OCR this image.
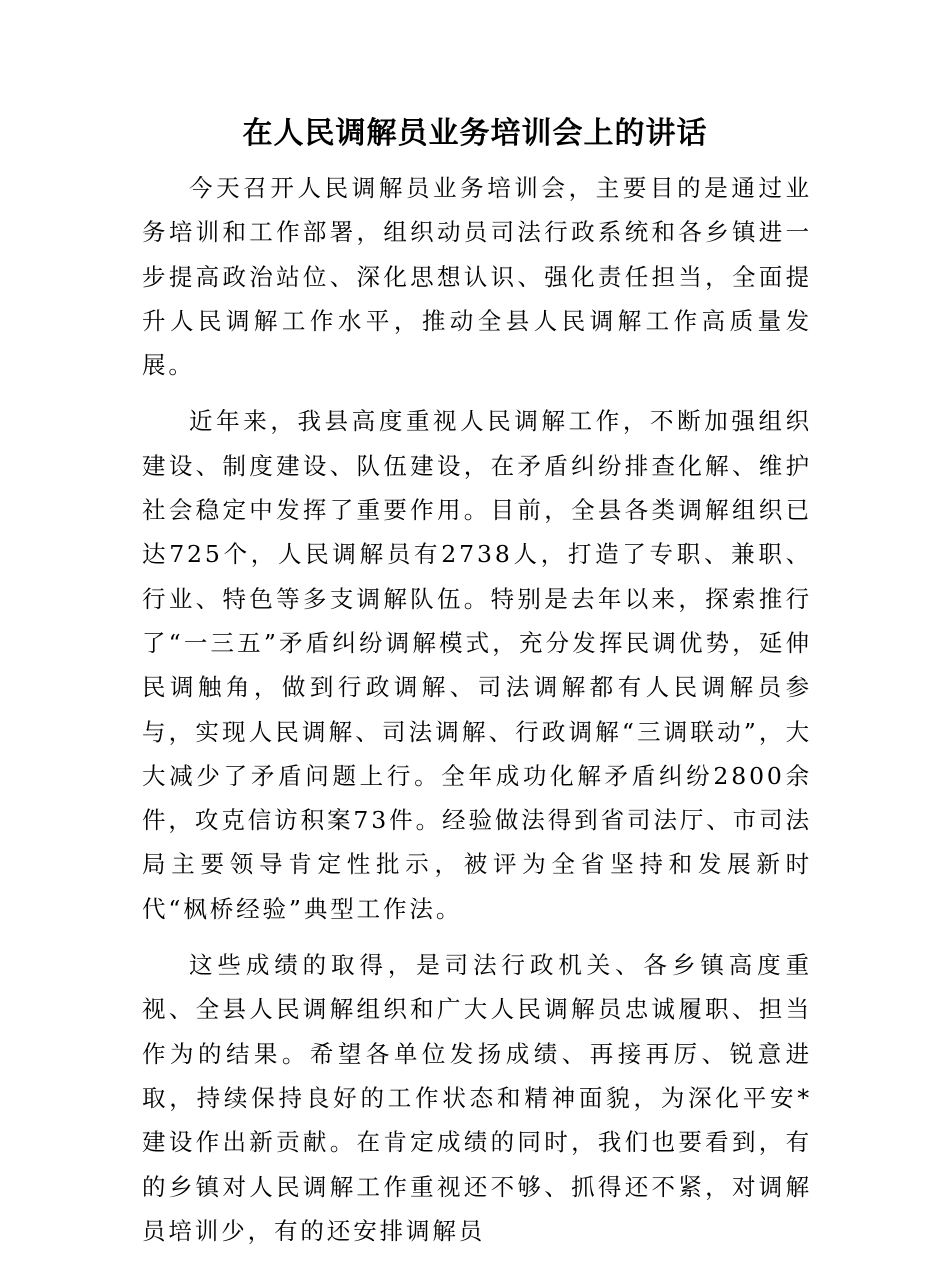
在人民调解员业务培训会上的讲话

今天召开人民调解员业务培训会，主要目的是通过业务培训和工作部署，组织动员司法行政系统和各乡镇进一步提高政治站位、深化思想认识、强化责任担当，全面提升人民调解工作水平，推动全县人民调解工作高质量发展。

近年来，我县高度重视人民调解工作，不断加强组织建设、制度建设、队伍建设，在矛盾纠纷排查化解、维护社会稳定中发挥了重要作用。目前，全县各类调解组织已达725个，人民调解员有2738人，打造了专职、兼职、行业、特色等多支调解队伍。特别是去年以来，探索推行了“一三五”矛盾纠纷调解模式，充分发挥民调优势，延伸民调触角，做到行政调解、司法调解都有人民调解员参与，实现人民调解、司法调解、行政调解“三调联动”，大大减少了矛盾问题上行。全年成功化解矛盾纠纷2800余件，攻克信访积案73件。经验做法得到省司法厅、市司法局主要领导肯定性批示，被评为全省坚持和发展新时代“枫桥经验”典型工作法。

这些成绩的取得，是司法行政机关、各乡镇高度重视、全县人民调解组织和广大人民调解员忠诚履职、担当作为的结果。希望各单位发扬成绩、再接再厉、锐意进取，持续保持良好的工作状态和精神面貌，为深化平安*建设作出新贡献。在肯定成绩的同时，我们也要看到，有的乡镇对人民调解工作重视还不够、抓得还不紧，对调解员培训少，有的还安排调解员
